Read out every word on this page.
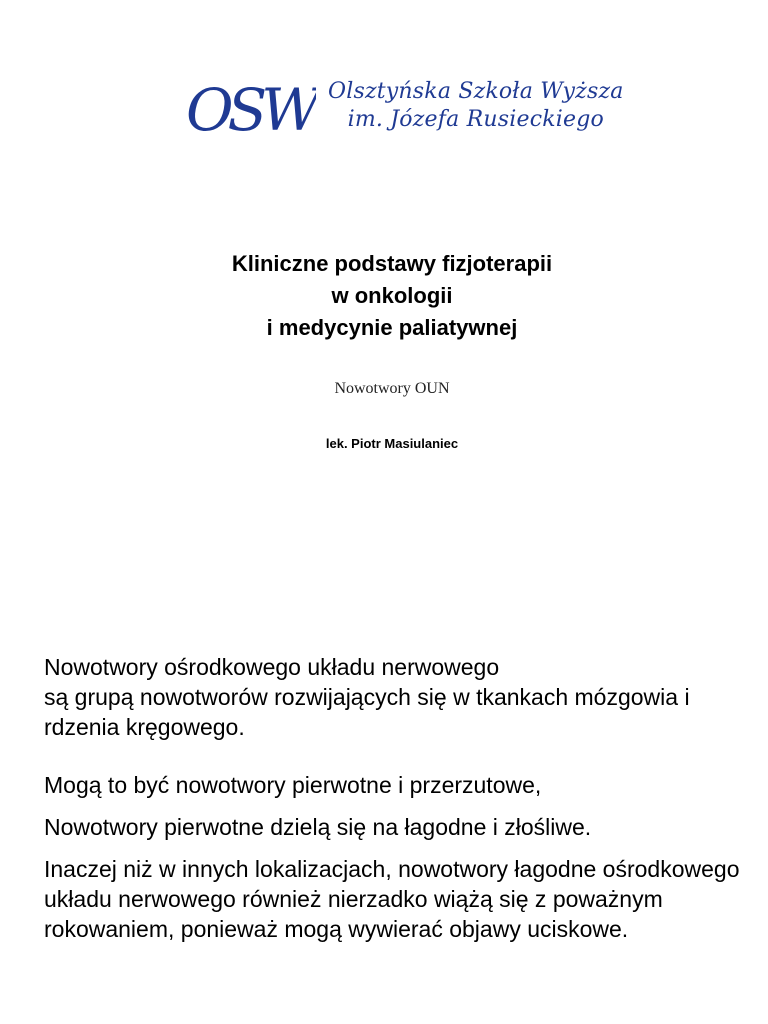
OSW Olsztyńska Szkoła Wyższa
im. Józefa Rusieckiego
Kliniczne podstawy fizjoterapii
w onkologii
i medycynie paliatywnej
Nowotwory OUN
lek. Piotr Masiulaniec

Nowotwory ośrodkowego układu nerwowego
są grupą nowotworów rozwijających się w tkankach mózgowia i rdzenia kręgowego.

Mogą to być nowotwory pierwotne i przerzutowe,

Nowotwory pierwotne dzielą się na łagodne i złośliwe.

Inaczej niż w innych lokalizacjach, nowotwory łagodne ośrodkowego układu nerwowego również nierzadko wiążą się z poważnym rokowaniem, ponieważ mogą wywierać objawy uciskowe.
